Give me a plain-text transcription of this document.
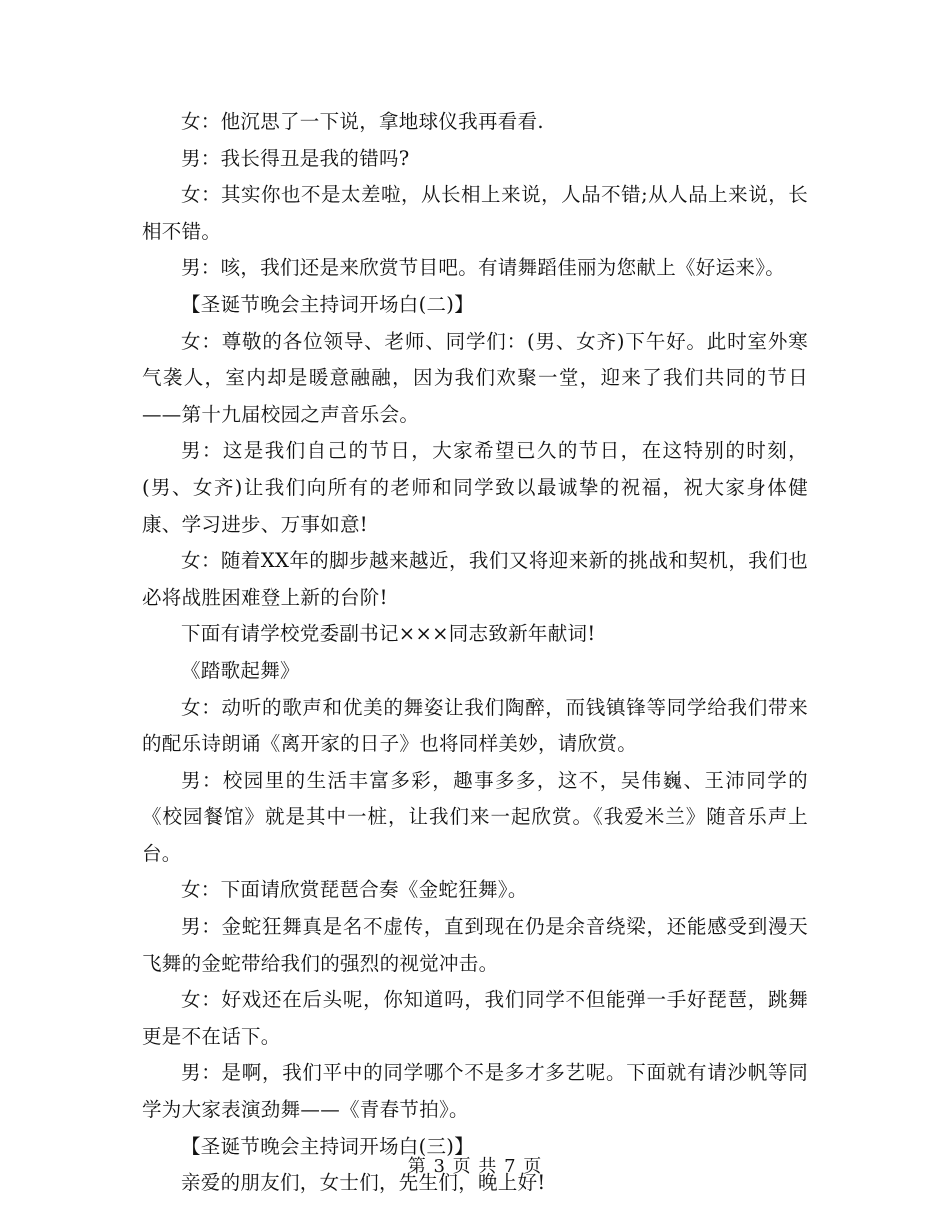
女：他沉思了一下说，拿地球仪我再看看.

男：我长得丑是我的错吗?

女：其实你也不是太差啦，从长相上来说，人品不错;从人品上来说，长相不错。

男：咳，我们还是来欣赏节目吧。有请舞蹈佳丽为您献上《好运来》。

【圣诞节晚会主持词开场白(二)】

女：尊敬的各位领导、老师、同学们：(男、女齐)下午好。此时室外寒气袭人，室内却是暖意融融，因为我们欢聚一堂，迎来了我们共同的节日——第十九届校园之声音乐会。

男：这是我们自己的节日，大家希望已久的节日，在这特别的时刻，(男、女齐)让我们向所有的老师和同学致以最诚挚的祝福，祝大家身体健康、学习进步、万事如意!

女：随着XX年的脚步越来越近，我们又将迎来新的挑战和契机，我们也必将战胜困难登上新的台阶!

下面有请学校党委副书记×××同志致新年献词!

《踏歌起舞》

女：动听的歌声和优美的舞姿让我们陶醉，而钱镇锋等同学给我们带来的配乐诗朗诵《离开家的日子》也将同样美妙，请欣赏。

男：校园里的生活丰富多彩，趣事多多，这不，吴伟巍、王沛同学的《校园餐馆》就是其中一桩，让我们来一起欣赏。《我爱米兰》随音乐声上台。

女：下面请欣赏琵琶合奏《金蛇狂舞》。

男：金蛇狂舞真是名不虚传，直到现在仍是余音绕梁，还能感受到漫天飞舞的金蛇带给我们的强烈的视觉冲击。

女：好戏还在后头呢，你知道吗，我们同学不但能弹一手好琵琶，跳舞更是不在话下。

男：是啊，我们平中的同学哪个不是多才多艺呢。下面就有请沙帆等同学为大家表演劲舞——《青春节拍》。

【圣诞节晚会主持词开场白(三)】

亲爱的朋友们，女士们，先生们，晚上好!

第 3 页 共 7 页
